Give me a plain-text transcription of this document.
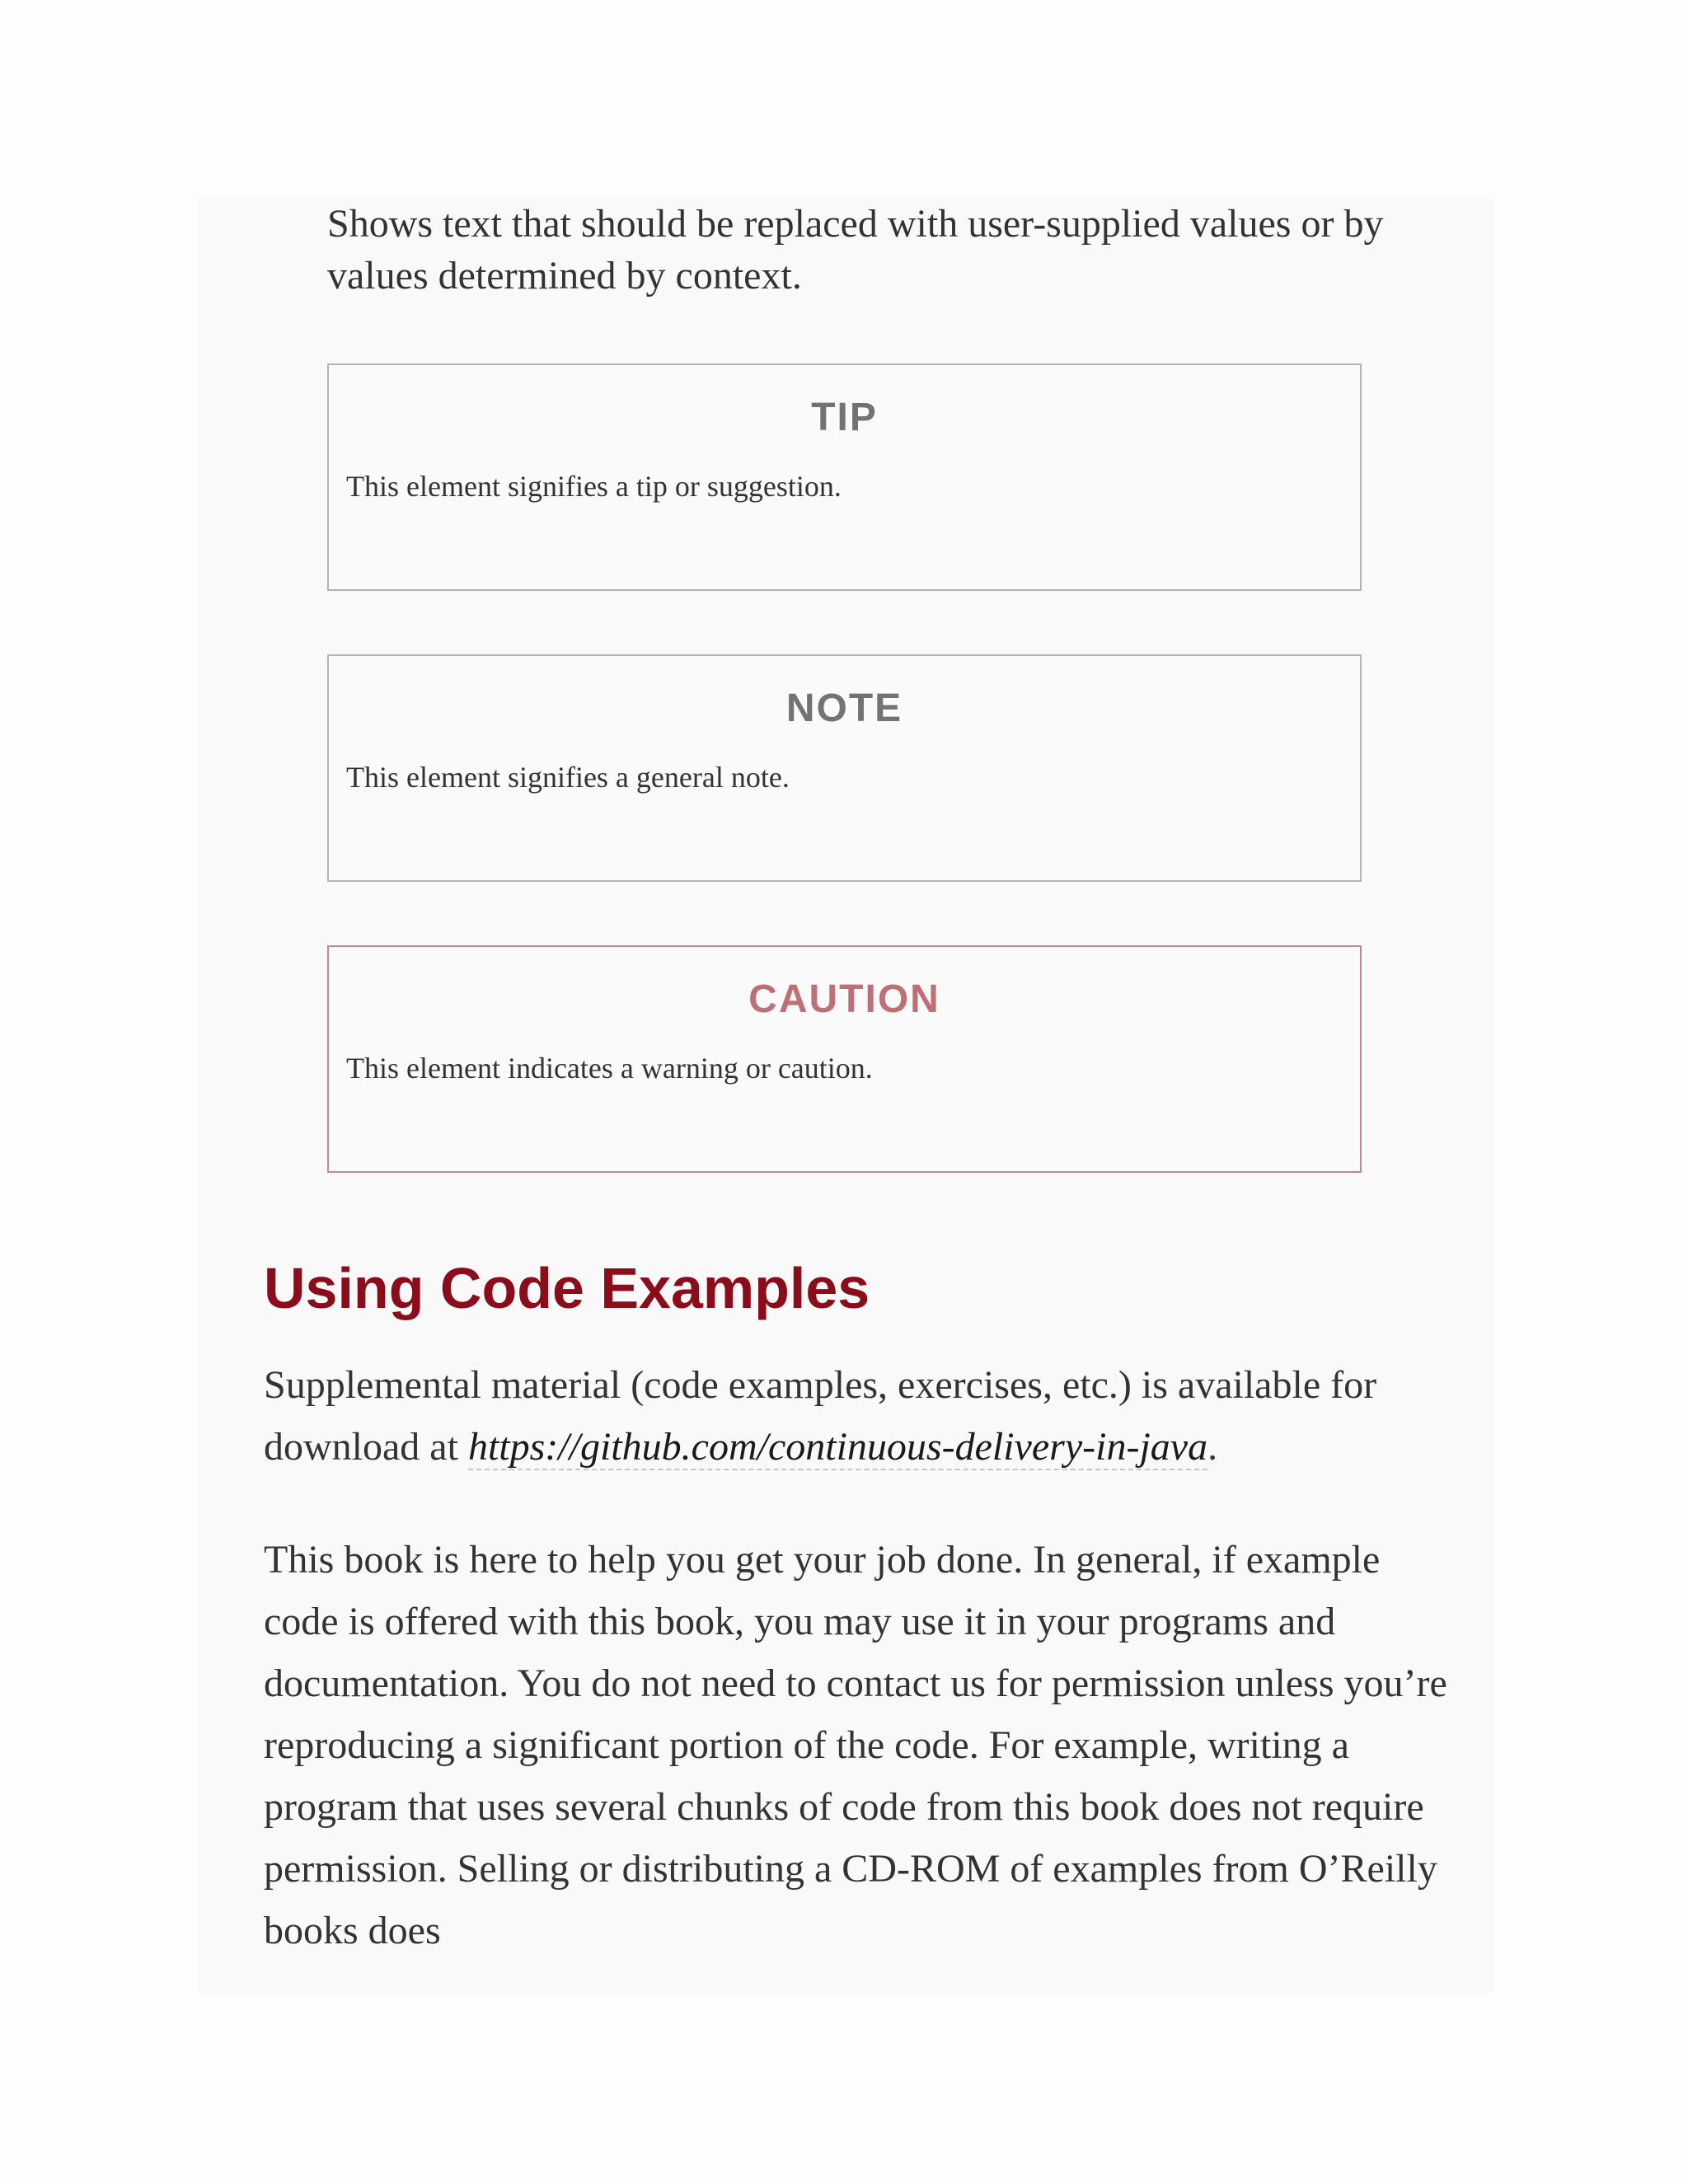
Shows text that should be replaced with user-supplied values or by values determined by context.

TIP

This element signifies a tip or suggestion.

NOTE

This element signifies a general note.

CAUTION

This element indicates a warning or caution.

Using Code Examples

Supplemental material (code examples, exercises, etc.) is available for download at https://github.com/continuous-delivery-in-java.

This book is here to help you get your job done. In general, if example code is offered with this book, you may use it in your programs and documentation. You do not need to contact us for permission unless you’re reproducing a significant portion of the code. For example, writing a program that uses several chunks of code from this book does not require permission. Selling or distributing a CD-ROM of examples from O’Reilly books does
